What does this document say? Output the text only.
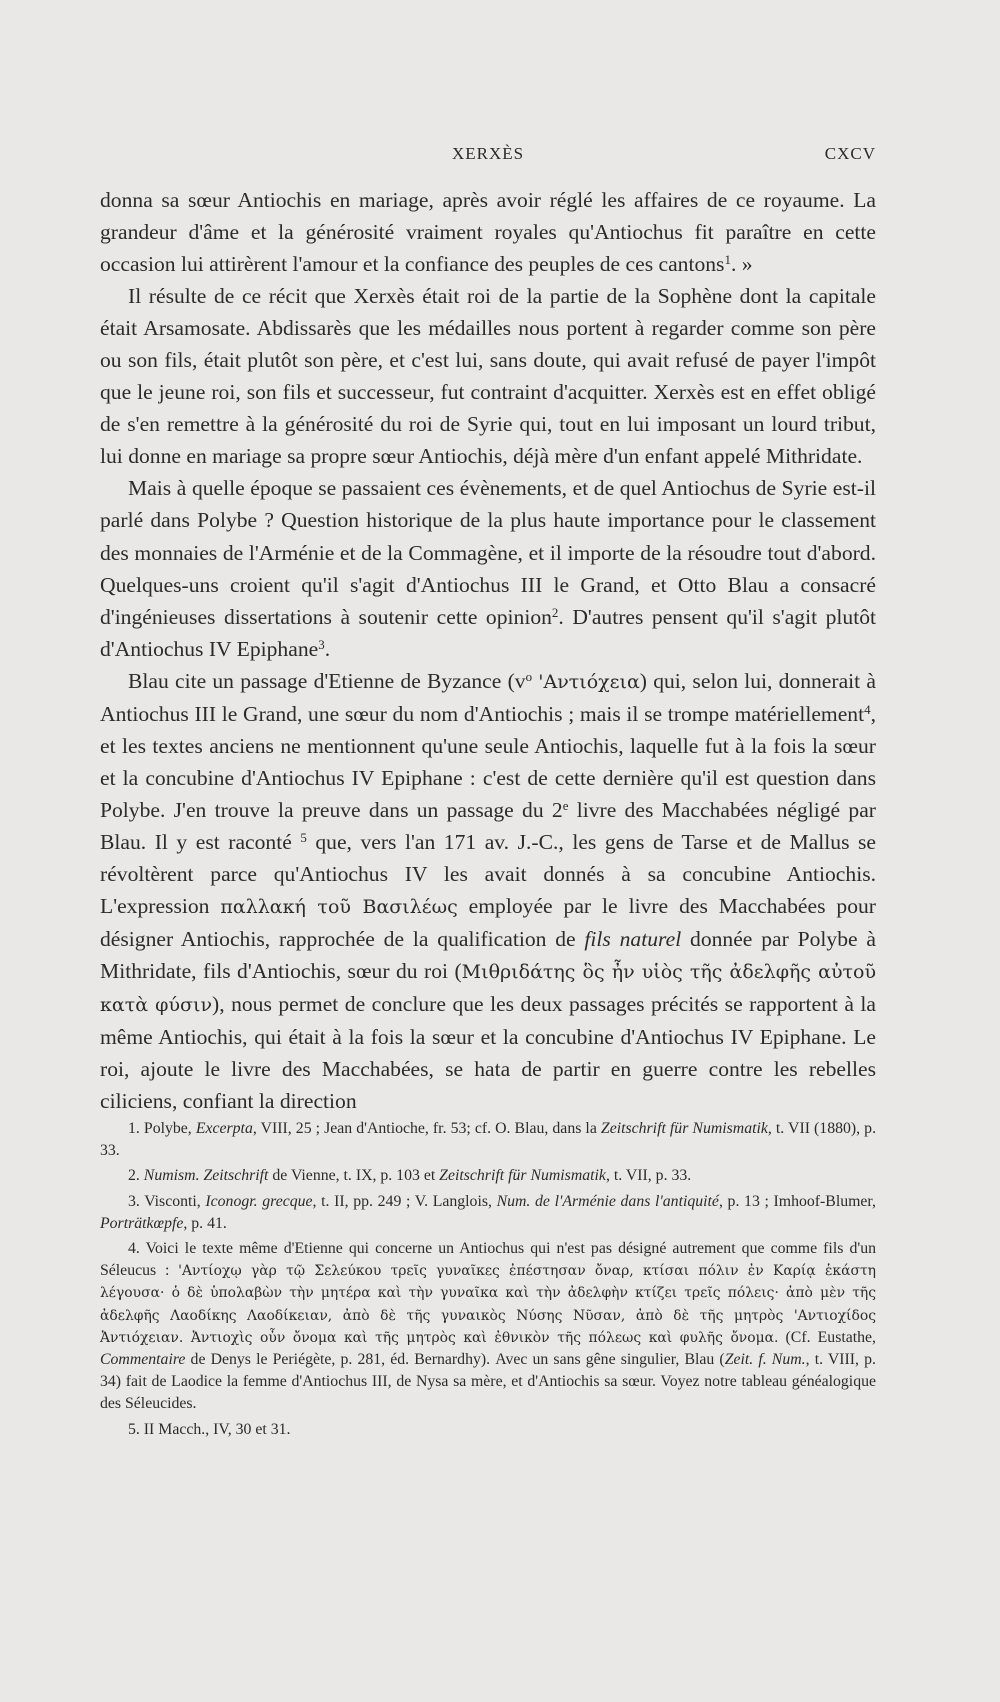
XERXÈS	CXCV

donna sa sœur Antiochis en mariage, après avoir réglé les affaires de ce royaume. La grandeur d'âme et la générosité vraiment royales qu'Antiochus fit paraître en cette occasion lui attirèrent l'amour et la confiance des peuples de ces cantons$^1$. »

Il résulte de ce récit que Xerxès était roi de la partie de la Sophène dont la capitale était Arsamosate. Abdissarès que les médailles nous portent à regarder comme son père ou son fils, était plutôt son père, et c'est lui, sans doute, qui avait refusé de payer l'impôt que le jeune roi, son fils et successeur, fut contraint d'acquitter. Xerxès est en effet obligé de s'en remettre à la générosité du roi de Syrie qui, tout en lui imposant un lourd tribut, lui donne en mariage sa propre sœur Antiochis, déjà mère d'un enfant appelé Mithridate.

Mais à quelle époque se passaient ces évènements, et de quel Antiochus de Syrie est-il parlé dans Polybe ? Question historique de la plus haute importance pour le classement des monnaies de l'Arménie et de la Commagène, et il importe de la résoudre tout d'abord. Quelques-uns croient qu'il s'agit d'Antiochus III le Grand, et Otto Blau a consacré d'ingénieuses dissertations à soutenir cette opinion$^2$. D'autres pensent qu'il s'agit plutôt d'Antiochus IV Epiphane$^3$.

Blau cite un passage d'Etienne de Byzance ($v^o$ 'Αντιόχεια) qui, selon lui, donnerait à Antiochus III le Grand, une sœur du nom d'Antiochis ; mais il se trompe matériellement$^4$, et les textes anciens ne mentionnent qu'une seule Antiochis, laquelle fut à la fois la sœur et la concubine d'Antiochus IV Epiphane : c'est de cette dernière qu'il est question dans Polybe. J'en trouve la preuve dans un passage du 2e livre des Macchabées négligé par Blau. Il y est raconté $^5$ que, vers l'an 171 av. J.-C., les gens de Tarse et de Mallus se révoltèrent parce qu'Antiochus IV les avait donnés à sa concubine Antiochis. L'expression παλλακή τοῦ Βασιλέως employée par le livre des Macchabées pour désigner Antiochis, rapprochée de la qualification de fils naturel donnée par Polybe à Mithridate, fils d'Antiochis, sœur du roi (Μιθριδάτης ὃς ἦν υἱὸς τῆς ἀδελφῆς αὐτοῦ κατὰ φύσιν), nous permet de conclure que les deux passages précités se rapportent à la même Antiochis, qui était à la fois la sœur et la concubine d'Antiochus IV Epiphane. Le roi, ajoute le livre des Macchabées, se hata de partir en guerre contre les rebelles ciliciens, confiant la direction

1. Polybe, Excerpta, VIII, 25 ; Jean d'Antioche, fr. 53; cf. O. Blau, dans la Zeitschrift für Numismatik, t. VII (1880), p. 33.

2. Numism. Zeitschrift de Vienne, t. IX, p. 103 et Zeitschrift für Numismatik, t. VII, p. 33.

3. Visconti, Iconogr. grecque, t. II, pp. 249 ; V. Langlois, Num. de l'Arménie dans l'antiquité, p. 13 ; Imhoof-Blumer, Porträtkœpfe, p. 41.

4. Voici le texte même d'Etienne qui concerne un Antiochus qui n'est pas désigné autrement que comme fils d'un Séleucus : 'Αντίοχῳ γὰρ τῷ Σελεύκου τρεῖς γυναῖκες ἐπέστησαν ὄναρ, κτίσαι πόλιν ἐν Καρίᾳ ἑκάστη λέγουσα· ὁ δὲ ὑπολαβὼν τὴν μητέρα καὶ τὴν γυναῖκα καὶ τὴν ἀδελφὴν κτίζει τρεῖς πόλεις· ἀπὸ μὲν τῆς ἀδελφῆς Λαοδίκης Λαοδίκειαν, ἀπὸ δὲ τῆς γυναικὸς Νύσης Νῦσαν, ἀπὸ δὲ τῆς μητρὸς 'Αντιοχίδος Ἀντιόχειαν. Ἀντιοχὶς οὖν ὄνομα καὶ τῆς μητρὸς καὶ ἐθνικὸν τῆς πόλεως καὶ φυλῆς ὄνομα. (Cf. Eustathe, Commentaire de Denys le Periégète, p. 281, éd. Bernardhy). Avec un sans gêne singulier, Blau (Zeit. f. Num., t. VIII, p. 34) fait de Laodice la femme d'Antiochus III, de Nysa sa mère, et d'Antiochis sa sœur. Voyez notre tableau généalogique des Séleucides.

5. II Macch., IV, 30 et 31.
